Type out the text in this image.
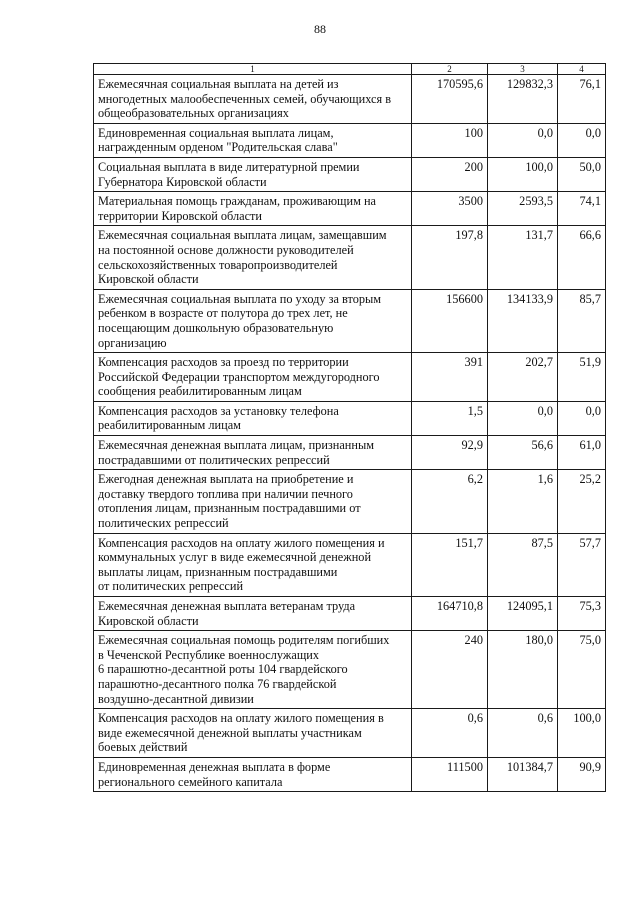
88
1	2	3	4

Ежемесячная социальная выплата на детей из
многодетных малообеспеченных семей, обучающихся в
общеобразовательных организациях	170595,6	129832,3	76,1

Единовременная социальная выплата лицам,
награжденным орденом "Родительская слава"	100	0,0	0,0

Социальная выплата в виде литературной премии
Губернатора Кировской области	200	100,0	50,0

Материальная помощь гражданам, проживающим на
территории Кировской области	3500	2593,5	74,1

Ежемесячная социальная выплата лицам, замещавшим
на постоянной основе должности руководителей
сельскохозяйственных товаропроизводителей
Кировской области	197,8	131,7	66,6

Ежемесячная социальная выплата по уходу за вторым
ребенком в возрасте от полутора до трех лет, не
посещающим дошкольную образовательную
организацию	156600	134133,9	85,7

Компенсация расходов за проезд по территории
Российской Федерации транспортом междугородного
сообщения реабилитированным лицам	391	202,7	51,9

Компенсация расходов за установку телефона
реабилитированным лицам	1,5	0,0	0,0

Ежемесячная денежная выплата лицам, признанным
пострадавшими от политических репрессий	92,9	56,6	61,0

Ежегодная денежная выплата на приобретение и
доставку твердого топлива при наличии печного
отопления лицам, признанным пострадавшими от
политических репрессий	6,2	1,6	25,2

Компенсация расходов на оплату жилого помещения и
коммунальных услуг в виде ежемесячной денежной
выплаты лицам, признанным пострадавшими
от политических репрессий	151,7	87,5	57,7

Ежемесячная денежная выплата ветеранам труда
Кировской области	164710,8	124095,1	75,3

Ежемесячная социальная помощь родителям погибших
в Чеченской Республике военнослужащих
6 парашютно-десантной роты 104 гвардейского
парашютно-десантного полка 76 гвардейской
воздушно-десантной дивизии	240	180,0	75,0

Компенсация расходов на оплату жилого помещения в
виде ежемесячной денежной выплаты участникам
боевых действий	0,6	0,6	100,0

Единовременная денежная выплата в форме
регионального семейного капитала	111500	101384,7	90,9
